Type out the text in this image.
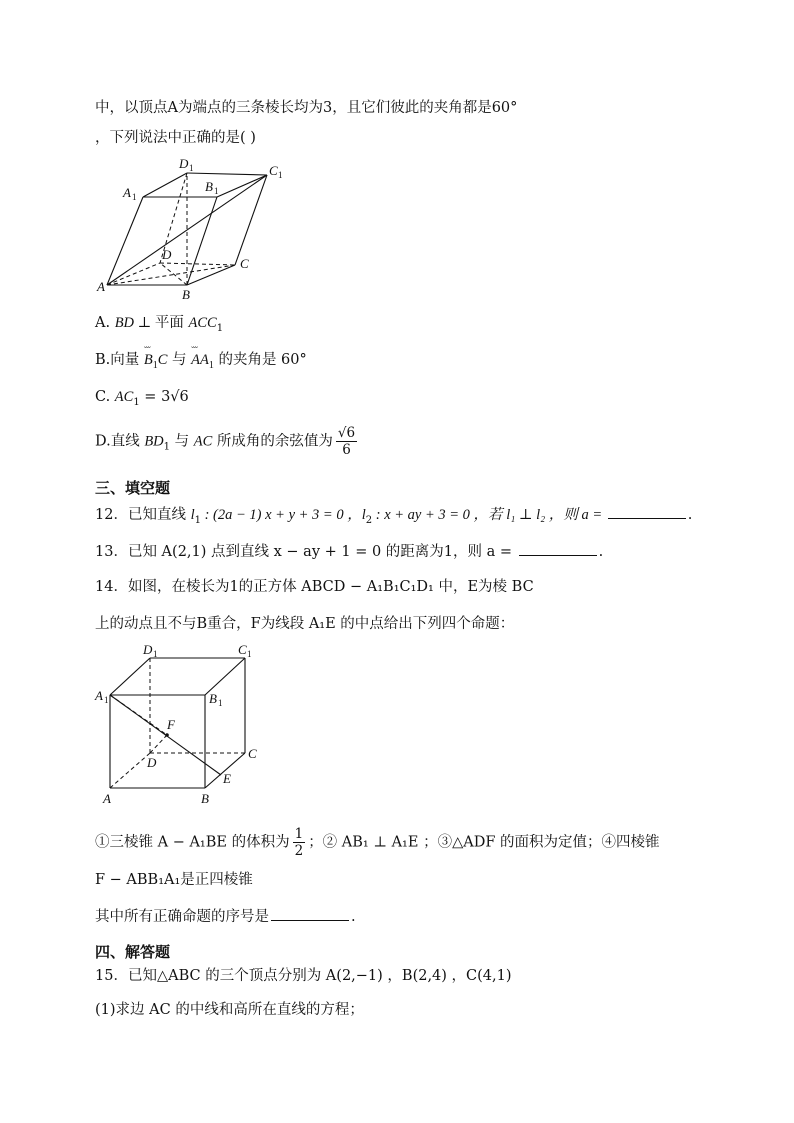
中，以顶点A为端点的三条棱长均为3，且它们彼此的夹角都是60°
，下列说法中正确的是( )
D 1	C 1
A 1
B 1
D
C
A
B
A. BD ⊥ 平面 $ACC_1$
B.向量 ˘˘˘ $B_1C$ 与 ˘˘˘ $AA_1$ 的夹角是 60°
C. $AC_1 = 3√6$
D.直线 $BD_1$ 与 AC 所成角的余弦值为 $\frac{√6}{6}$
三、填空题
12．已知直线 $l_1$ : (2a − 1) x + y + 3 = 0 ，$l_2$ : x + ay + 3 = 0 ，若 l₁ ⊥ l₂ ，则 a =	.
13．已知 A(2,1) 点到直线 x − ay + 1 = 0 的距离为1，则 a =	.
14．如图，在棱长为1的正方体 ABCD − A₁B₁C₁D₁ 中，E为棱 BC
上的动点且不与B重合，F为线段 A₁E 的中点给出下列四个命题：
D 1	C 1
A 1	B 1
F
D
C
E
A	B
①三棱锥 A − A₁BE 的体积为 $\frac{1}{2}$ ；② AB₁ ⊥ A₁E ；③△ADF 的面积为定值；④四棱锥
F − ABB₁A₁是正四棱锥
其中所有正确命题的序号是	.
四、解答题
15．已知△ABC 的三个顶点分别为 A(2,−1) ，B(2,4) ，C(4,1)
(1)求边 AC 的中线和高所在直线的方程；
